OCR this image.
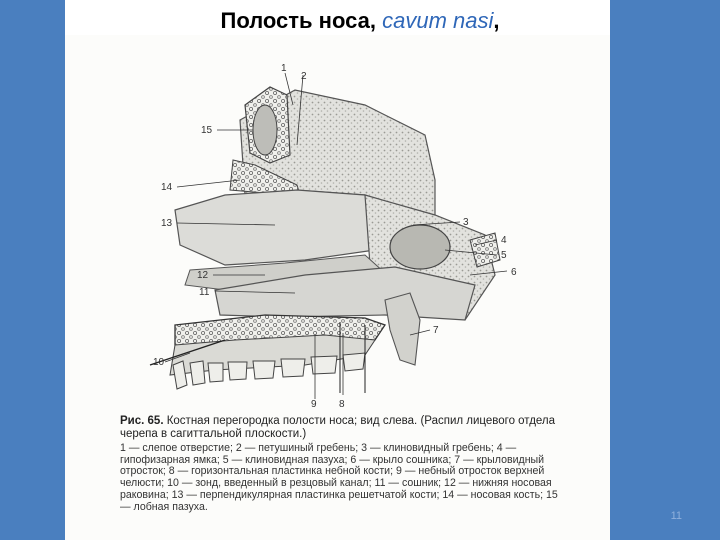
Полость носа, cavum nasi,
1
2
3
4
5
6
7
8
9
10
11
12
13
14
15
Рис. 65. Костная перегородка полости носа; вид слева. (Распил лицевого отдела черепа в сагиттальной плоскости.)
1 — слепое отверстие; 2 — петушиный гребень; 3 — клиновидный гребень; 4 — гипофизарная ямка; 5 — клиновидная пазуха; 6 — крыло сошника; 7 — крыловидный отросток; 8 — горизонтальная пластинка небной кости; 9 — небный отросток верхней челюсти; 10 — зонд, введенный в резцовый канал; 11 — сошник; 12 — нижняя носовая раковина; 13 — перпендикулярная пластинка решетчатой кости; 14 — носовая кость; 15 — лобная пазуха.
11
